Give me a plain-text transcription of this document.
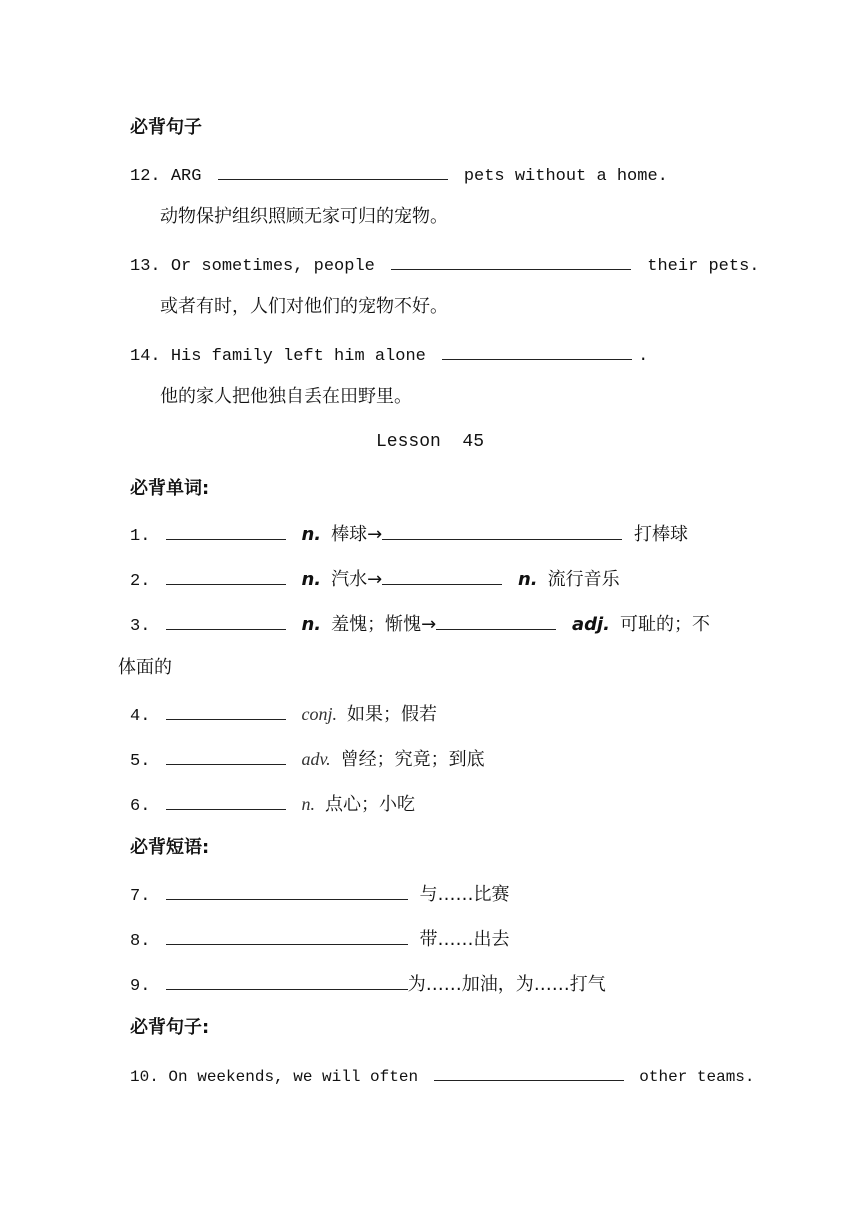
必背句子
12. ARG	pets without a home.
动物保护组织照顾无家可归的宠物。
13. Or sometimes, people	their pets.
或者有时，人们对他们的宠物不好。
14. His family left him alone	.
他的家人把他独自丢在田野里。
Lesson  45
必背单词:
1.	n. 棒球→	打棒球
2.	n. 汽水→	n. 流行音乐
3.	n. 羞愧；惭愧→	adj. 可耻的；不
体面的
4.	conj. 如果；假若
5.	adv. 曾经；究竟；到底
6.	n. 点心；小吃
必背短语:
7.	与……比赛
8.	带……出去
9.	为……加油，为……打气
必背句子:
10. On weekends, we will often	other teams.
